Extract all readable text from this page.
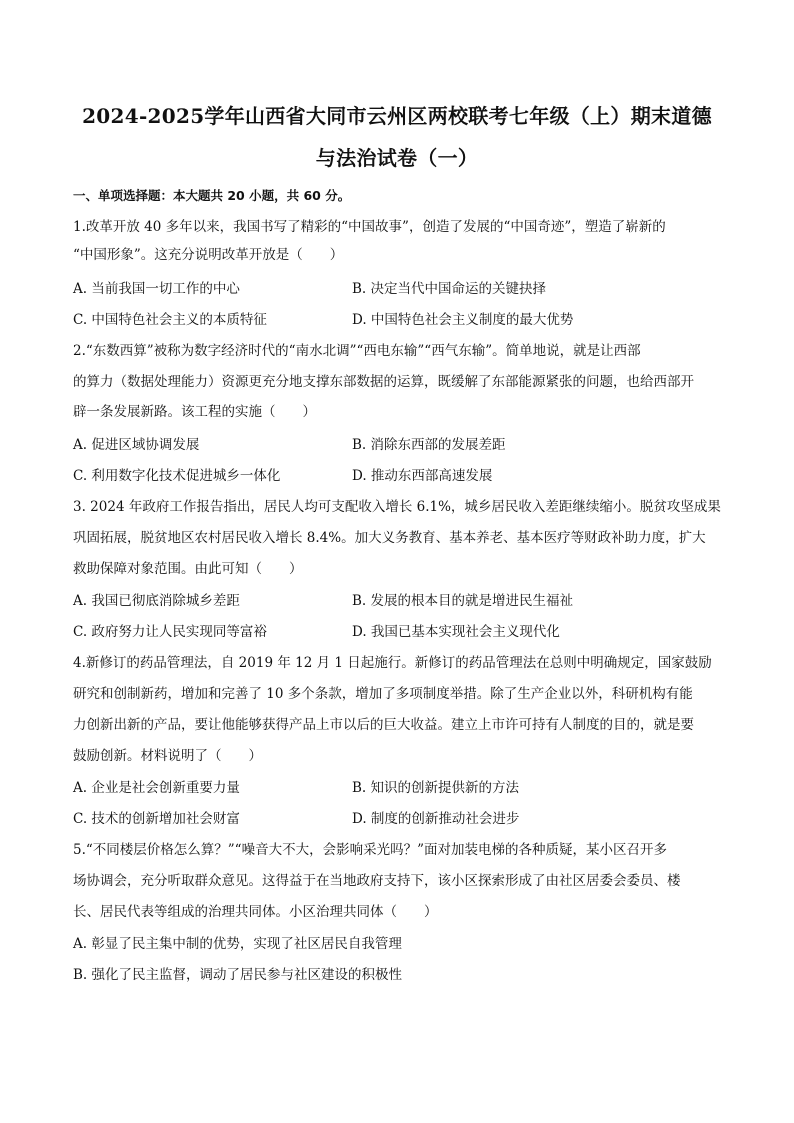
2024-2025学年山西省大同市云州区两校联考七年级（上）期末道德
与法治试卷（一）
一、单项选择题：本大题共 20 小题，共 60 分。
1.改革开放 40 多年以来，我国书写了精彩的“中国故事”，创造了发展的“中国奇迹”，塑造了崭新的
“中国形象”。这充分说明改革开放是（　　）
A. 当前我国一切工作的中心	B. 决定当代中国命运的关键抉择
C. 中国特色社会主义的本质特征	D. 中国特色社会主义制度的最大优势
2.“东数西算”被称为数字经济时代的“南水北调”“西电东输”“西气东输”。简单地说，就是让西部
的算力（数据处理能力）资源更充分地支撑东部数据的运算，既缓解了东部能源紧张的问题，也给西部开
辟一条发展新路。该工程的实施（　　）
A. 促进区域协调发展	B. 消除东西部的发展差距
C. 利用数字化技术促进城乡一体化	D. 推动东西部高速发展
3. 2024 年政府工作报告指出，居民人均可支配收入增长 6.1%，城乡居民收入差距继续缩小。脱贫攻坚成果
巩固拓展，脱贫地区农村居民收入增长 8.4%。加大义务教育、基本养老、基本医疗等财政补助力度，扩大
救助保障对象范围。由此可知（　　）
A. 我国已彻底消除城乡差距	B. 发展的根本目的就是增进民生福祉
C. 政府努力让人民实现同等富裕	D. 我国已基本实现社会主义现代化
4.新修订的药品管理法，自 2019 年 12 月 1 日起施行。新修订的药品管理法在总则中明确规定，国家鼓励
研究和创制新药，增加和完善了 10 多个条款，增加了多项制度举措。除了生产企业以外，科研机构有能
力创新出新的产品，要让他能够获得产品上市以后的巨大收益。建立上市许可持有人制度的目的，就是要
鼓励创新。材料说明了（　　）
A. 企业是社会创新重要力量	B. 知识的创新提供新的方法
C. 技术的创新增加社会财富	D. 制度的创新推动社会进步
5.“不同楼层价格怎么算？”“噪音大不大，会影响采光吗？”面对加装电梯的各种质疑，某小区召开多
场协调会，充分听取群众意见。这得益于在当地政府支持下，该小区探索形成了由社区居委会委员、楼
长、居民代表等组成的治理共同体。小区治理共同体（　　）
A. 彰显了民主集中制的优势，实现了社区居民自我管理
B. 强化了民主监督，调动了居民参与社区建设的积极性
